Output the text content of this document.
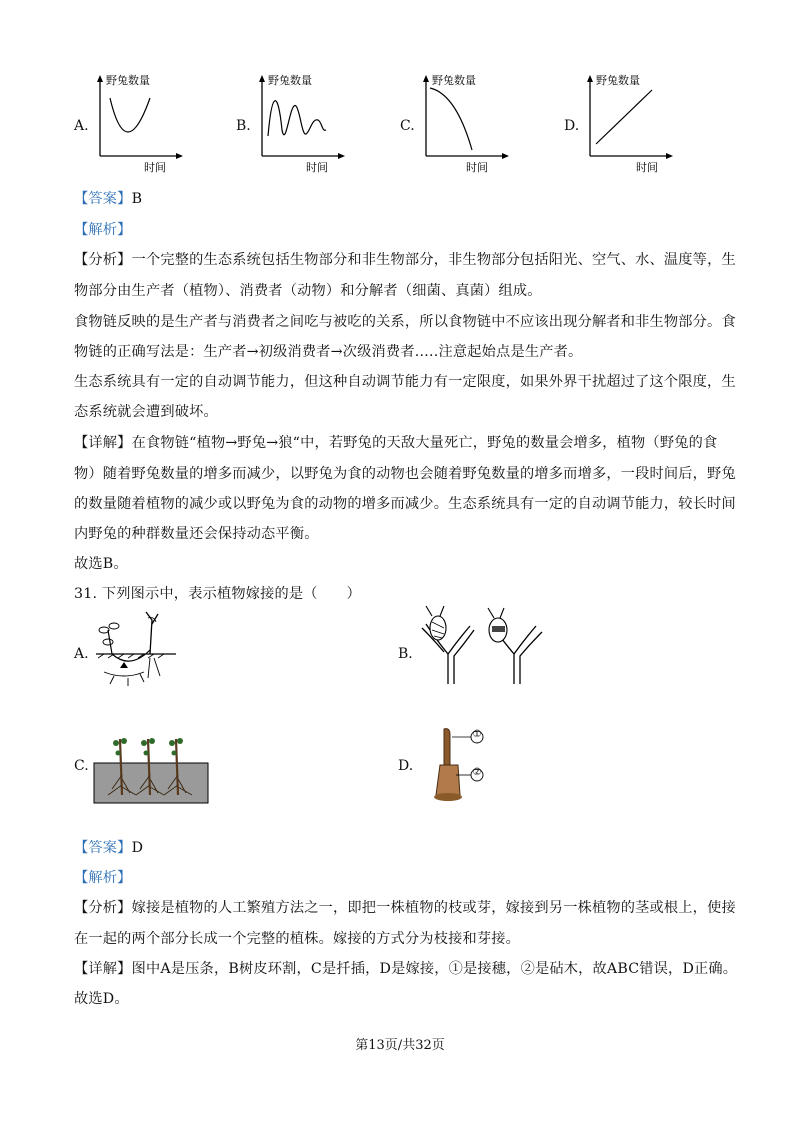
A.
野兔数量
时间
B.
野兔数量
时间
C.
野兔数量
时间
D.
野兔数量
时间
【答案】B
【解析】
【分析】一个完整的生态系统包括生物部分和非生物部分，非生物部分包括阳光、空气、水、温度等，生
物部分由生产者（植物）、消费者（动物）和分解者（细菌、真菌）组成。
食物链反映的是生产者与消费者之间吃与被吃的关系，所以食物链中不应该出现分解者和非生物部分。食
物链的正确写法是：生产者→初级消费者→次级消费者.….注意起始点是生产者。
生态系统具有一定的自动调节能力，但这种自动调节能力有一定限度，如果外界干扰超过了这个限度，生
态系统就会遭到破坏。
【详解】在食物链“植物→野兔→狼“中，若野兔的天敌大量死亡，野兔的数量会增多，植物（野兔的食
物）随着野兔数量的增多而减少，以野兔为食的动物也会随着野兔数量的增多而增多，一段时间后，野兔
的数量随着植物的减少或以野兔为食的动物的增多而减少。生态系统具有一定的自动调节能力，较长时间
内野兔的种群数量还会保持动态平衡。
故选B。
31. 下列图示中，表示植物嫁接的是（　　）
A.	B.
C.	D.
①
②
【答案】D
【解析】
【分析】嫁接是植物的人工繁殖方法之一，即把一株植物的枝或芽，嫁接到另一株植物的茎或根上，使接
在一起的两个部分长成一个完整的植株。嫁接的方式分为枝接和芽接。
【详解】图中A是压条，B树皮环割，C是扦插，D是嫁接，①是接穗，②是砧木，故ABC错误，D正确。
故选D。
第13页/共32页
